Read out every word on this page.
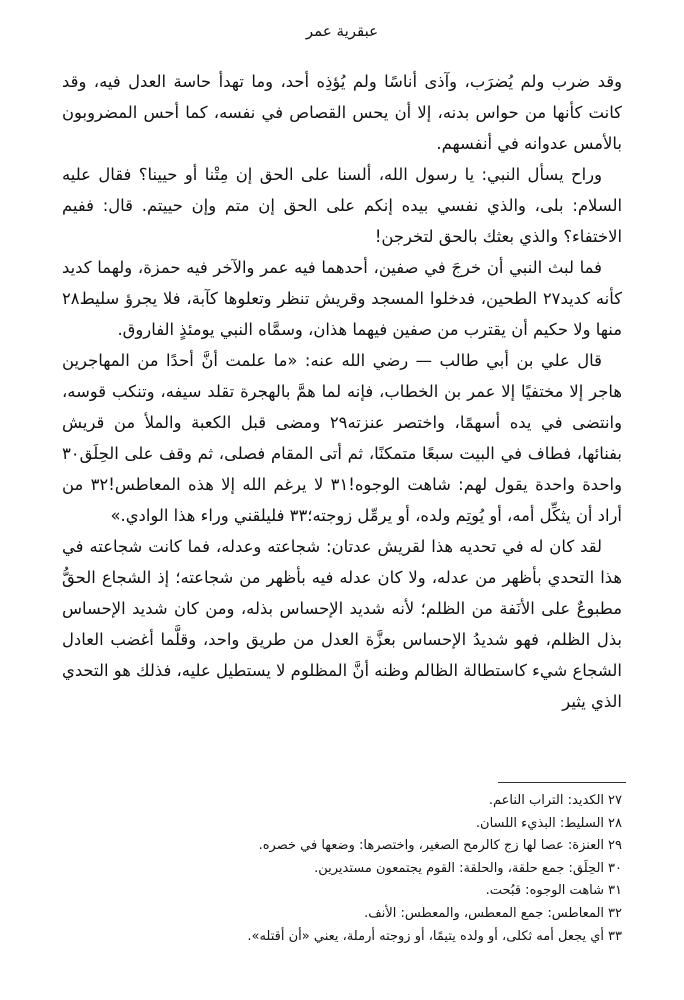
عبقرية عمر

وقد ضرب ولم يُضرَب، وآذى أناسًا ولم يُؤذِه أحد، وما تهدأ حاسة العدل فيه، وقد كانت كأنها من حواس بدنه، إلا أن يحس القصاص في نفسه، كما أحس المضروبون بالأمس عدوانه في أنفسهم.

وراح يسأل النبي: يا رسول الله، ألسنا على الحق إن مِتْنا أو حيينا؟ فقال عليه السلام: بلى، والذي نفسي بيده إنكم على الحق إن متم وإن حييتم. قال: ففيم الاختفاء؟ والذي بعثك بالحق لتخرجن!

فما لبث النبي أن خرجَ في صفين، أحدهما فيه عمر والآخر فيه حمزة، ولهما كديد كأنه كديد٢٧ الطحين، فدخلوا المسجد وقريش تنظر وتعلوها كآبة، فلا يجرؤ سليط٢٨ منها ولا حكيم أن يقترب من صفين فيهما هذان، وسمَّاه النبي يومئذٍ الفاروق.

قال علي بن أبي طالب — رضي الله عنه: «ما علمت أنَّ أحدًا من المهاجرين هاجر إلا مختفيًا إلا عمر بن الخطاب، فإنه لما همَّ بالهجرة تقلد سيفه، وتنكب قوسه، وانتضى في يده أسهمًا، واختصر عنزته٢٩ ومضى قبل الكعبة والملأ من قريش بفنائها، فطاف في البيت سبعًا متمكنًا، ثم أتى المقام فصلى، ثم وقف على الحِلَق٣٠ واحدة واحدة يقول لهم: شاهت الوجوه!٣١ لا يرغم الله إلا هذه المعاطس!٣٢ من أراد أن يثكِّل أمه، أو يُوتِم ولده، أو يرمِّل زوجته؛٣٣ فليلقني وراء هذا الوادي.»

لقد كان له في تحديه هذا لقريش عدتان: شجاعته وعدله، فما كانت شجاعته في هذا التحدي بأظهر من عدله، ولا كان عدله فيه بأظهر من شجاعته؛ إذ الشجاع الحقُّ مطبوعٌ على الأنَفة من الظلم؛ لأنه شديد الإحساس بذله، ومن كان شديد الإحساس بذل الظلم، فهو شديدُ الإحساس بعزَّة العدل من طريق واحد، وقلَّما أغضب العادل الشجاع شيء كاستطالة الظالم وظنه أنَّ المظلوم لا يستطيل عليه، فذلك هو التحدي الذي يثير

٢٧الكديد: التراب الناعم.
٢٨السليط: البذيء اللسان.
٢٩العنزة: عصا لها زج كالرمح الصغير، واختصرها: وضعها في خصره.
٣٠الحِلَق: جمع حلقة، والحلقة: القوم يجتمعون مستديرين.
٣١شاهت الوجوه: قبُحت.
٣٢المعاطس: جمع المعطس، والمعطس: الأنف.
٣٣أي يجعل أمه ثكلى، أو ولده يتيمًا، أو زوجته أرملة، يعني «أن أقتله».
